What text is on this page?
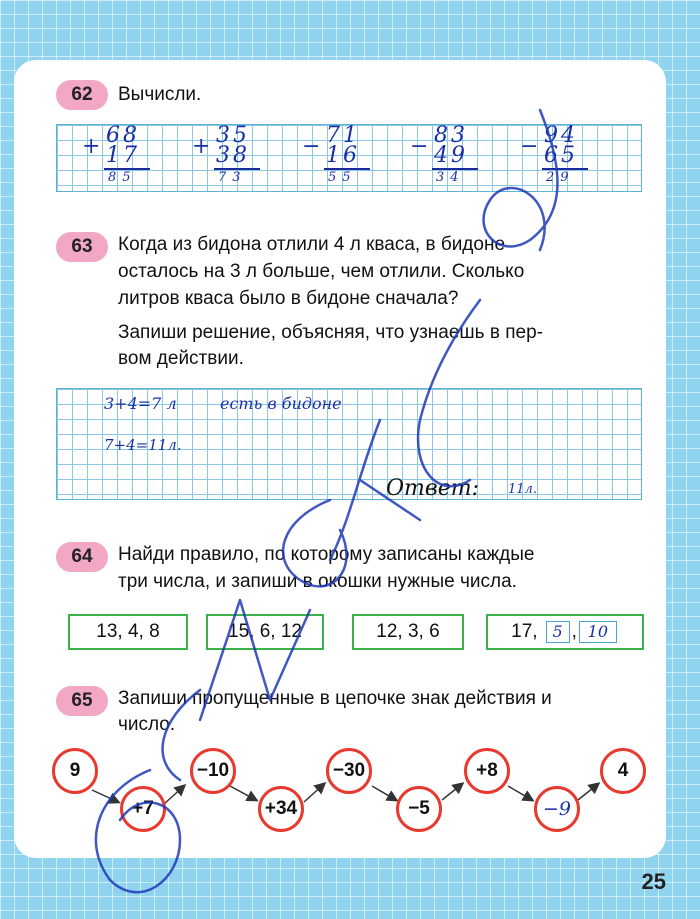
62	Вычисли.
+ 68
17
85
+ 35
38
73
− 71
16
55
− 83
49
34
− 94
65
29
63	Когда из бидона отлили 4 л кваса, в бидоне
осталось на 3 л больше, чем отлили. Сколько
литров кваса было в бидоне сначала?
Запиши решение, объясняя, что узнаешь в пер-
вом действии.
3+4=7 л	есть в бидоне
7+4=11л.
Ответ: 11л.
64	Найди правило, по которому записаны каждые
три числа, и запиши в окошки нужные числа.
13, 4, 8	15, 6, 12	12, 3, 6	17, 5 , 10
65	Запиши пропущенные в цепочке знак действия и
число.
9
+7
−10
+34
−30
−5
+8
−9
4
25
